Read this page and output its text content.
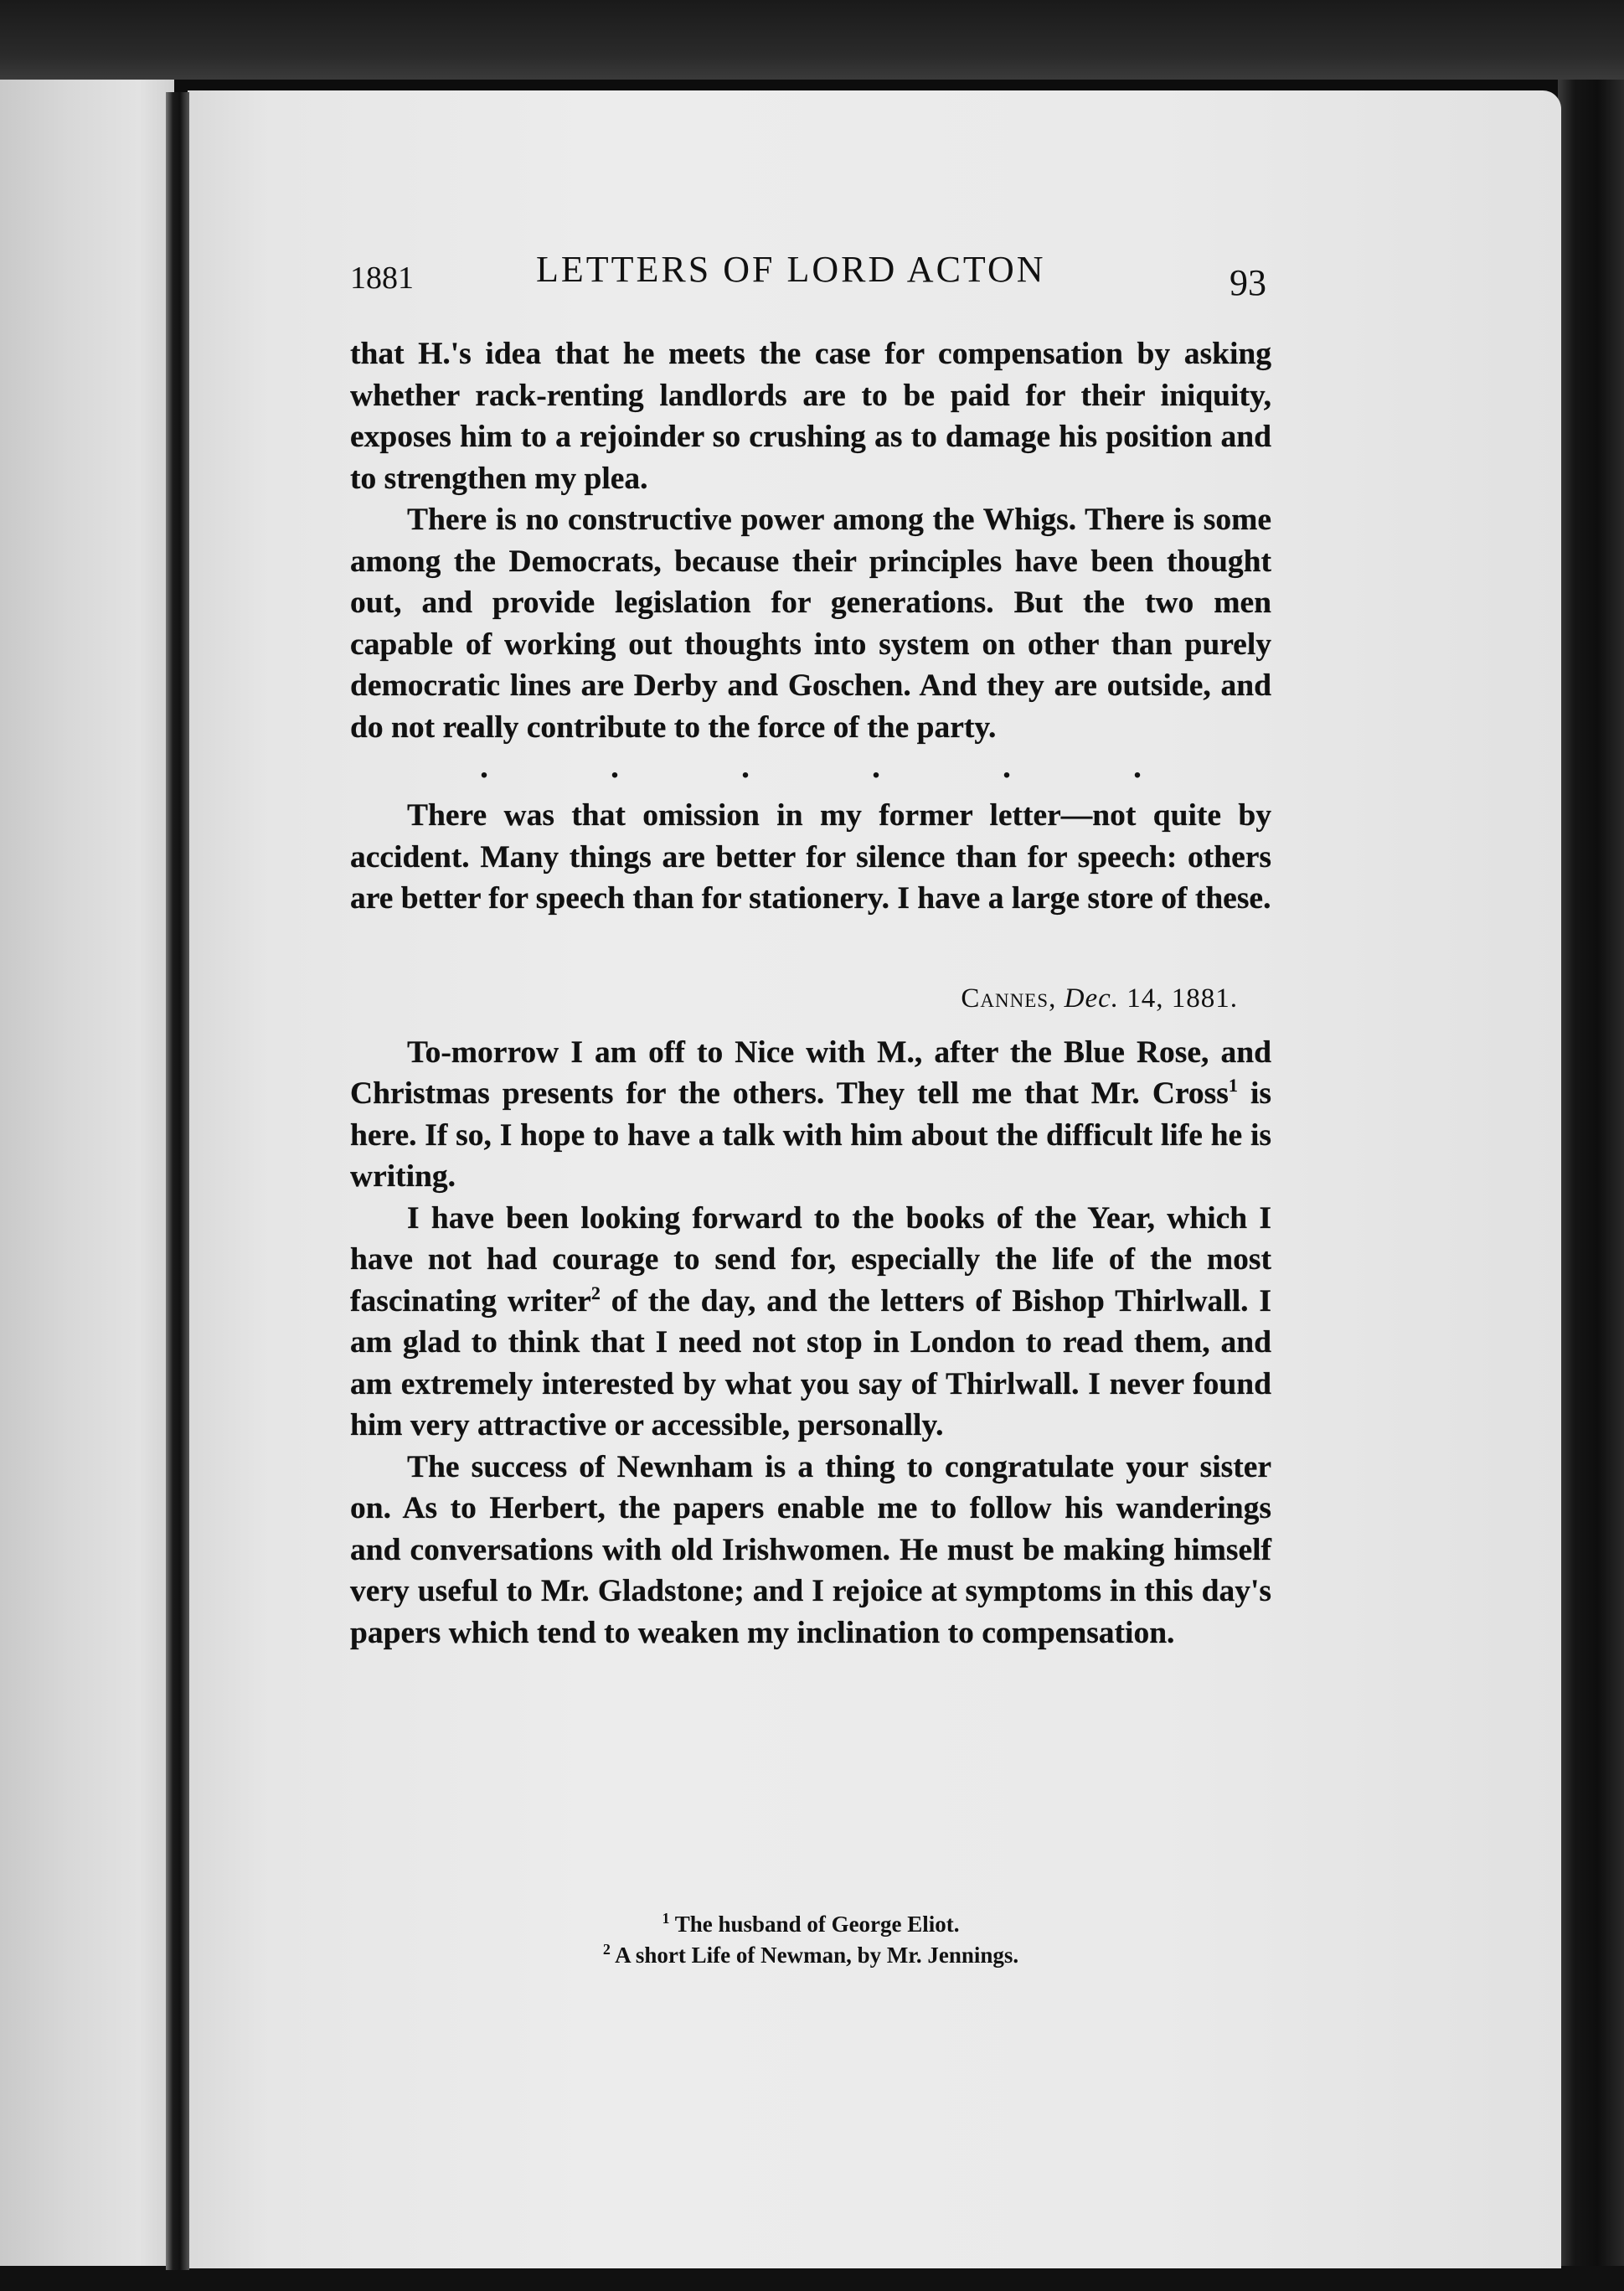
1881	LETTERS OF LORD ACTON	93

that H.'s idea that he meets the case for compensation by asking whether rack-renting landlords are to be paid for their iniquity, exposes him to a rejoinder so crushing as to damage his position and to strengthen my plea.

There is no constructive power among the Whigs. There is some among the Democrats, because their principles have been thought out, and provide legislation for generations. But the two men capable of working out thoughts into system on other than purely democratic lines are Derby and Goschen. And they are outside, and do not really contribute to the force of the party.

.	.	.	.	.	.

There was that omission in my former letter—not quite by accident. Many things are better for silence than for speech: others are better for speech than for stationery. I have a large store of these.

Cannes, Dec. 14, 1881.

To-morrow I am off to Nice with M., after the Blue Rose, and Christmas presents for the others. They tell me that Mr. Cross$^1$ is here. If so, I hope to have a talk with him about the difficult life he is writing.

I have been looking forward to the books of the Year, which I have not had courage to send for, especially the life of the most fascinating writer$^2$ of the day, and the letters of Bishop Thirlwall. I am glad to think that I need not stop in London to read them, and am extremely interested by what you say of Thirlwall. I never found him very attractive or accessible, personally.

The success of Newnham is a thing to congratulate your sister on. As to Herbert, the papers enable me to follow his wanderings and conversations with old Irishwomen. He must be making himself very useful to Mr. Gladstone; and I rejoice at symptoms in this day's papers which tend to weaken my inclination to compensation.

$^1$ The husband of George Eliot.
$^2$ A short Life of Newman, by Mr. Jennings.
